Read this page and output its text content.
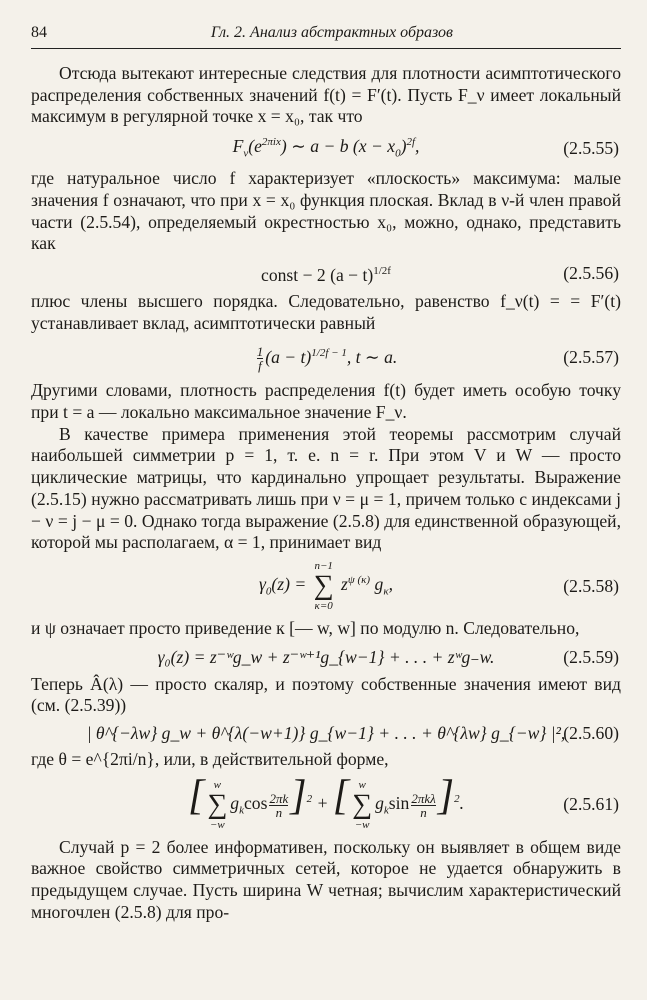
84	Гл. 2. Анализ абстрактных образов

Отсюда вытекают интересные следствия для плотности асимптотического распределения собственных значений f(t) = F′(t). Пусть F_ν имеет локальный максимум в регулярной точке x = x₀, так что

$F_\nu(e^{2\pi ix})$ ∼ a − b $(x - x_0)^{2f}$,	(2.5.55)

где натуральное число f характеризует «плоскость» максимума: малые значения f означают, что при x = x₀ функция плоская. Вклад в ν-й член правой части (2.5.54), определяемый окрестностью x₀, можно, однако, представить как

const − 2 $(a - t)^{1/2f}$	(2.5.56)

плюс члены высшего порядка. Следовательно, равенство f_ν(t) = = F′(t) устанавливает вклад, асимптотически равный

$\frac{1}{f} (a - t)^{1/2f - 1}$, t ∼ a.	(2.5.57)

Другими словами, плотность распределения f(t) будет иметь особую точку при t = a — локально максимальное значение F_ν.

В качестве примера применения этой теоремы рассмотрим случай наибольшей симметрии p = 1, т. е. n = r. При этом V и W — просто циклические матрицы, что кардинально упрощает результаты. Выражение (2.5.15) нужно рассматривать лишь при ν = μ = 1, причем только с индексами j − ν = j − μ = 0. Однако тогда выражение (2.5.8) для единственной образующей, которой мы располагаем, α = 1, принимает вид

$\gamma_0(z)$ =
n−1
∑
κ=0
$z^{\psi (\kappa)}$ $g_\kappa$,	(2.5.58)

и ψ означает просто приведение к [— w, w] по модулю n. Следовательно,

γ₀(z) = z⁻ʷg_w + z⁻ʷ⁺¹g_{w−1} + . . . + zʷg₋w.	(2.5.59)

Теперь Â(λ) — просто скаляр, и поэтому собственные значения имеют вид (см. (2.5.39))

| θ^{−λw} g_w + θ^{λ(−w+1)} g_{w−1} + . . . + θ^{λw} g_{−w} |²,
(2.5.60)

где θ = e^{2πi/n}, или, в действительной форме,

[ w
∑
−w
$g_k\cos \frac{2\pi k}{n} ]^2$ + [ w
∑
−w
$g_k\sin \frac{\text{2πkλ}}{n} ]^2$.	(2.5.61)

Случай p = 2 более информативен, поскольку он выявляет в общем виде важное свойство симметричных сетей, которое не удается обнаружить в предыдущем случае. Пусть ширина W четная; вычислим характеристический многочлен (2.5.8) для про-
